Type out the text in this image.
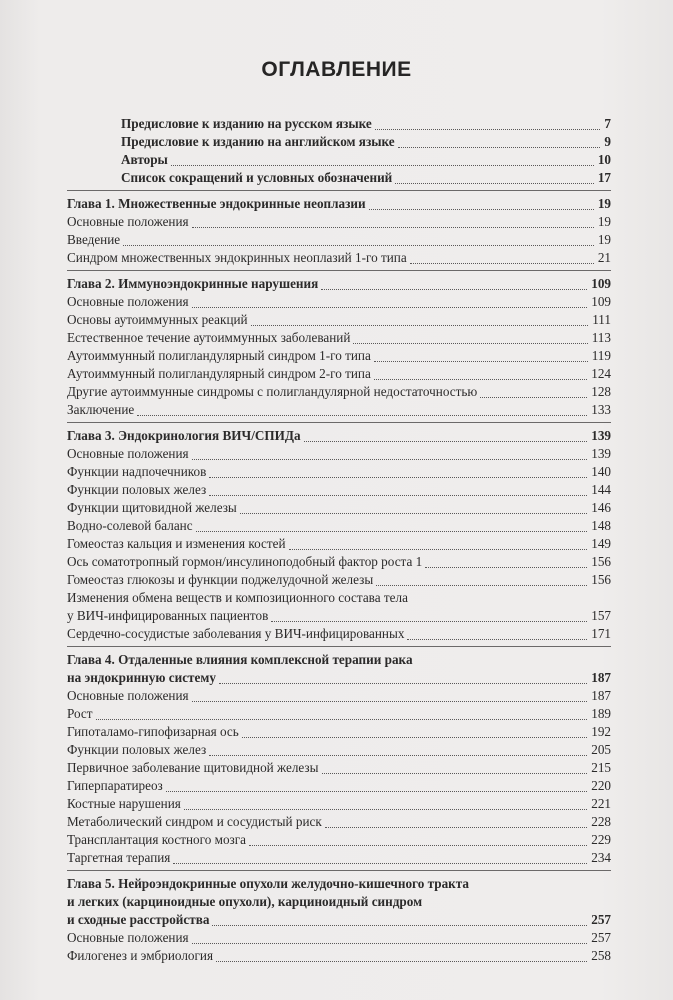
ОГЛАВЛЕНИЕ
Предисловие к изданию на русском языке	7
Предисловие к изданию на английском языке	9
Авторы	10
Список сокращений и условных обозначений	17
Глава 1. Множественные эндокринные неоплазии	19
Основные положения	19
Введение	19
Синдром множественных эндокринных неоплазий 1-го типа	21
Глава 2. Иммуноэндокринные нарушения	109
Основные положения	109
Основы аутоиммунных реакций	111
Естественное течение аутоиммунных заболеваний	113
Аутоиммунный полигландулярный синдром 1-го типа	119
Аутоиммунный полигландулярный синдром 2-го типа	124
Другие аутоиммунные синдромы с полигландулярной недостаточностью	128
Заключение	133
Глава 3. Эндокринология ВИЧ/СПИДа	139
Основные положения	139
Функции надпочечников	140
Функции половых желез	144
Функции щитовидной железы	146
Водно-солевой баланс	148
Гомеостаз кальция и изменения костей	149
Ось соматотропный гормон/инсулиноподобный фактор роста 1	156
Гомеостаз глюкозы и функции поджелудочной железы	156
Изменения обмена веществ и композиционного состава тела
у ВИЧ-инфицированных пациентов	157
Сердечно-сосудистые заболевания у ВИЧ-инфицированных	171
Глава 4. Отдаленные влияния комплексной терапии рака
на эндокринную систему	187
Основные положения	187
Рост	189
Гипоталамо-гипофизарная ось	192
Функции половых желез	205
Первичное заболевание щитовидной железы	215
Гиперпаратиреоз	220
Костные нарушения	221
Метаболический синдром и сосудистый риск	228
Трансплантация костного мозга	229
Таргетная терапия	234
Глава 5. Нейроэндокринные опухоли желудочно-кишечного тракта
и легких (карциноидные опухоли), карциноидный синдром
и сходные расстройства	257
Основные положения	257
Филогенез и эмбриология	258
